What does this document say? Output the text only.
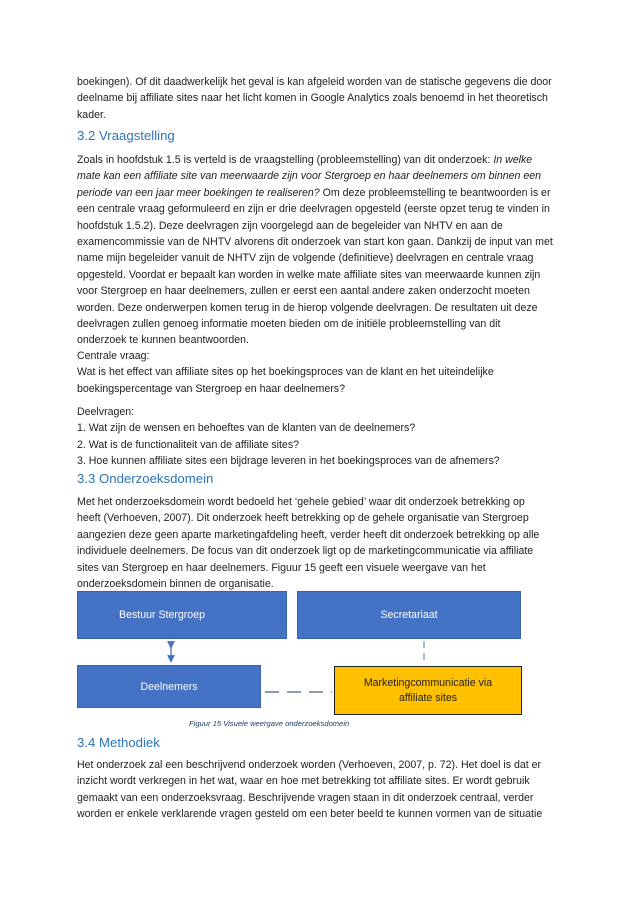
boekingen). Of dit daadwerkelijk het geval is kan afgeleid worden van de statische gegevens die door

deelname bij affiliate sites naar het licht komen in Google Analytics zoals benoemd in het theoretisch

kader.

3.2 Vraagstelling

Zoals in hoofdstuk 1.5 is verteld is de vraagstelling (probleemstelling) van dit onderzoek: In welke

mate kan een affiliate site van meerwaarde zijn voor Stergroep en haar deelnemers om binnen een

periode van een jaar meer boekingen te realiseren? Om deze probleemstelling te beantwoorden is er

een centrale vraag geformuleerd en zijn er drie deelvragen opgesteld (eerste opzet terug te vinden in

hoofdstuk 1.5.2). Deze deelvragen zijn voorgelegd aan de begeleider van NHTV en aan de

examencommissie van de NHTV alvorens dit onderzoek van start kon gaan. Dankzij de input van met

name mijn begeleider vanuit de NHTV zijn de volgende (definitieve) deelvragen en centrale vraag

opgesteld. Voordat er bepaalt kan worden in welke mate affiliate sites van meerwaarde kunnen zijn

voor Stergroep en haar deelnemers, zullen er eerst een aantal andere zaken onderzocht moeten

worden. Deze onderwerpen komen terug in de hierop volgende deelvragen. De resultaten uit deze

deelvragen zullen genoeg informatie moeten bieden om de initiële probleemstelling van dit

onderzoek te kunnen beantwoorden.

Centrale vraag:

Wat is het effect van affiliate sites op het boekingsproces van de klant en het uiteindelijke

boekingspercentage van Stergroep en haar deelnemers?

Deelvragen:

1. Wat zijn de wensen en behoeftes van de klanten van de deelnemers?

2. Wat is de functionaliteit van de affiliate sites?

3. Hoe kunnen affiliate sites een bijdrage leveren in het boekingsproces van de afnemers?

3.3 Onderzoeksdomein

Met het onderzoeksdomein wordt bedoeld het ‘gehele gebied’ waar dit onderzoek betrekking op

heeft (Verhoeven, 2007). Dit onderzoek heeft betrekking op de gehele organisatie van Stergroep

aangezien deze geen aparte marketingafdeling heeft, verder heeft dit onderzoek betrekking op alle

individuele deelnemers. De focus van dit onderzoek ligt op de marketingcommunicatie via affiliate

sites van Stergroep en haar deelnemers. Figuur 15 geeft een visuele weergave van het

onderzoeksdomein binnen de organisatie.

Bestuur Stergroep	Secretariaat
Deelnemers	Marketingcommunicatie via
affiliate sites
Figuur 15 Visuele weergave onderzoeksdomein
3.4 Methodiek

Het onderzoek zal een beschrijvend onderzoek worden (Verhoeven, 2007, p. 72). Het doel is dat er

inzicht wordt verkregen in het wat, waar en hoe met betrekking tot affiliate sites. Er wordt gebruik

gemaakt van een onderzoeksvraag. Beschrijvende vragen staan in dit onderzoek centraal, verder

worden er enkele verklarende vragen gesteld om een beter beeld te kunnen vormen van de situatie
